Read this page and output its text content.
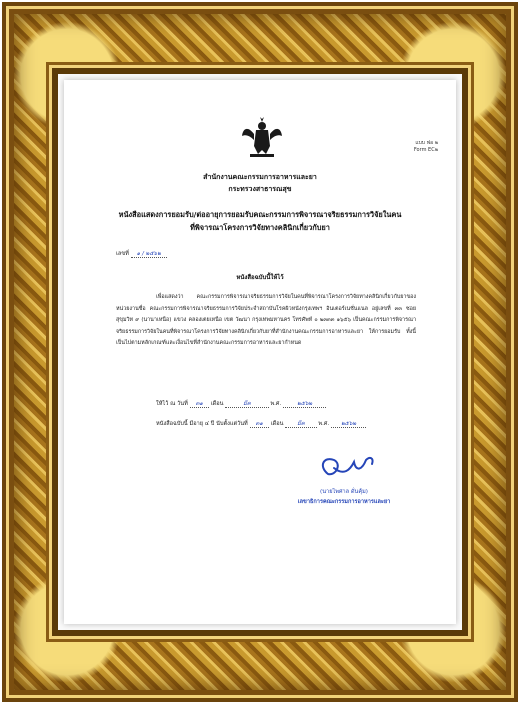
แบบ ฟอ ๒
Form EC๒
สำนักงานคณะกรรมการอาหารและยา
กระทรวงสาธารณสุข
หนังสือแสดงการยอมรับ/ต่ออายุการยอมรับคณะกรรมการพิจารณาจริยธรรมการวิจัยในคน
ที่พิจารณาโครงการวิจัยทางคลินิกเกี่ยวกับยา
เลขที่ ๑ / ๒๕๖๒
หนังสือฉบับนี้ให้ไว้
เพื่อแสดงว่า คณะกรรมการพิจารณาจริยธรรมการวิจัยในคนที่พิจารณาโครงการวิจัยทางคลินิกเกี่ยวกับยาของหน่วยงานชื่อ คณะกรรมการพิจารณาจริยธรรมการวิจัยประจำสถาบันโรคผิวหนังกรุงเทพฯ อินเตอร์เนชั่นแนล อยู่เลขที่ ๓๓ ซอย สุขุมวิท ๙ (นานาเหนือ) แขวง คลองเตยเหนือ เขต วัฒนา กรุงเทพมหานคร โทรศัพท์ ๐ ๒๓๓๓ ๑๖๕๖ เป็นคณะกรรมการพิจารณาจริยธรรมการวิจัยในคนที่พิจารณาโครงการวิจัยทางคลินิกเกี่ยวกับยาที่สำนักงานคณะกรรมการอาหารและยา ให้การยอมรับ ทั้งนี้ เป็นไปตามหลักเกณฑ์และเงื่อนไขที่สำนักงานคณะกรรมการอาหารและยากำหนด
ให้ไว้ ณ วันที่ ๓๑ เดือน	มีค	พ.ศ.	๒๕๖๒
หนังสือฉบับนี้ มีอายุ ๔ ปี นับตั้งแต่วันที่ ๓๑ เดือน มีค พ.ศ. ๒๕๖๒
(นายไพศาล ดั่นคุ้ม)
เลขาธิการคณะกรรมการอาหารและยา
